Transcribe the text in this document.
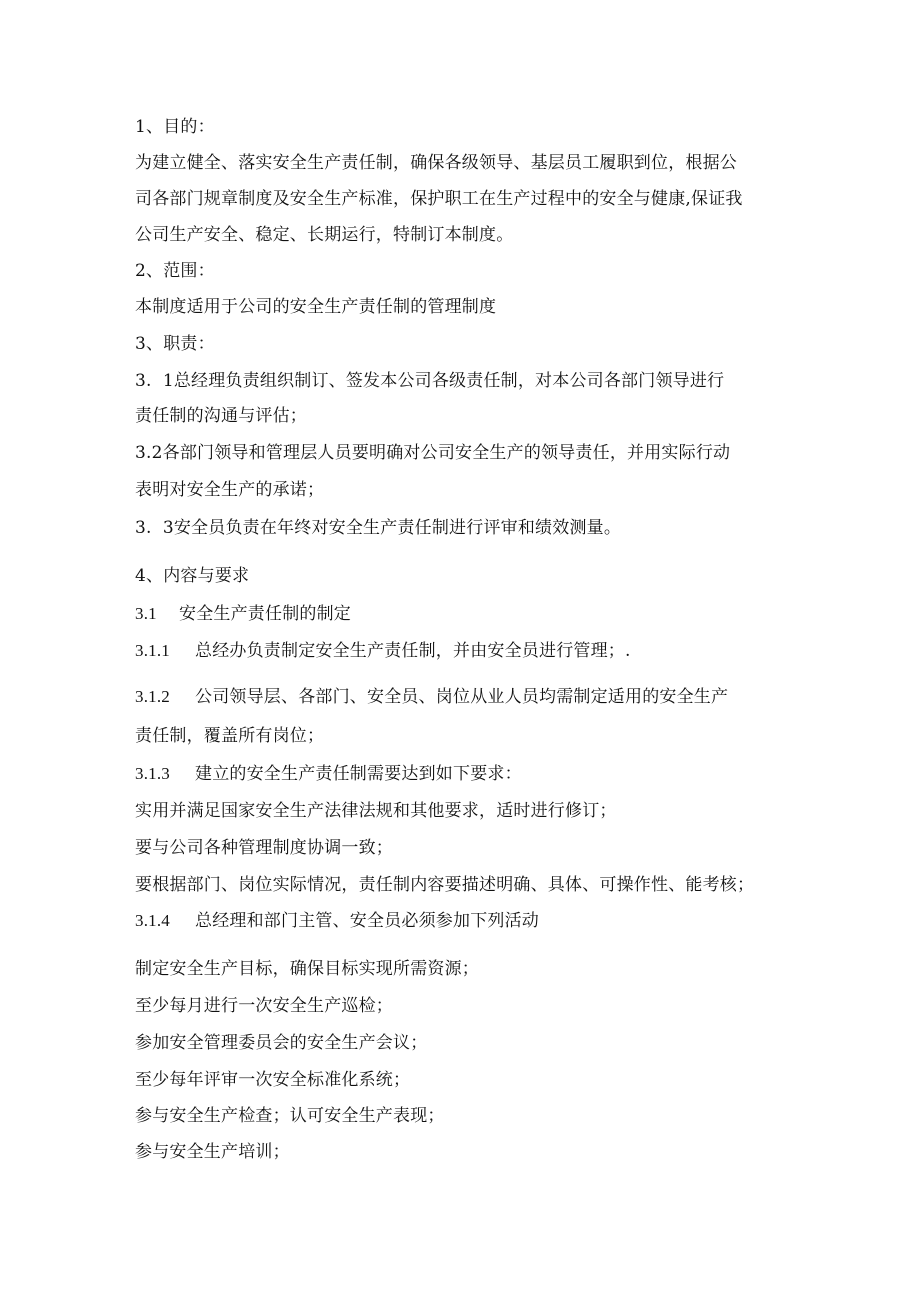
1、目的：
为建立健全、落实安全生产责任制，确保各级领导、基层员工履职到位，根据公
司各部门规章制度及安全生产标准，保护职工在生产过程中的安全与健康,保证我
公司生产安全、稳定、长期运行，特制订本制度。
2、范围：
本制度适用于公司的安全生产责任制的管理制度
3、职责：
3.  1总经理负责组织制订、签发本公司各级责任制，对本公司各部门领导进行
责任制的沟通与评估；
3.2各部门领导和管理层人员要明确对公司安全生产的领导责任，并用实际行动
表明对安全生产的承诺；
3.  3安全员负责在年终对安全生产责任制进行评审和绩效测量。
4、内容与要求
3.1 安全生产责任制的制定
3.1.1 总经办负责制定安全生产责任制，并由安全员进行管理；.
3.1.2 公司领导层、各部门、安全员、岗位从业人员均需制定适用的安全生产
责任制，覆盖所有岗位；
3.1.3 建立的安全生产责任制需要达到如下要求：
实用并满足国家安全生产法律法规和其他要求，适时进行修订；
要与公司各种管理制度协调一致；
要根据部门、岗位实际情况，责任制内容要描述明确、具体、可操作性、能考核；
3.1.4 总经理和部门主管、安全员必须参加下列活动
制定安全生产目标，确保目标实现所需资源；
至少每月进行一次安全生产巡检；
参加安全管理委员会的安全生产会议；
至少每年评审一次安全标准化系统；
参与安全生产检查；认可安全生产表现；
参与安全生产培训；
